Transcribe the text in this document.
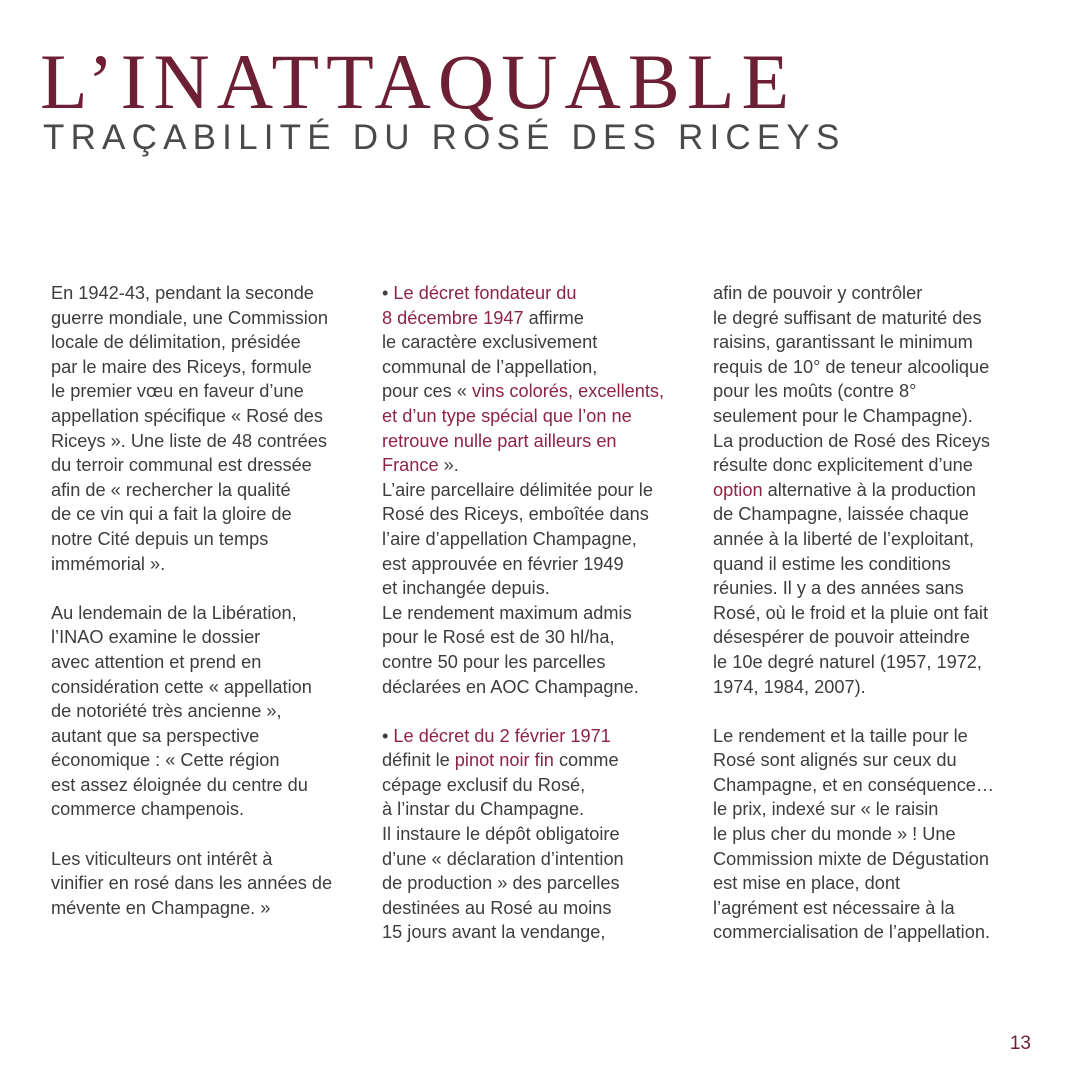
L’INATTAQUABLE
TRAÇABILITÉ DU ROSÉ DES RICEYS

En 1942-43, pendant la seconde
guerre mondiale, une Commission
locale de délimitation, présidée
par le maire des Riceys, formule
le premier vœu en faveur d’une
appellation spécifique « Rosé des
Riceys ». Une liste de 48 contrées
du terroir communal est dressée
afin de « rechercher la qualité
de ce vin qui a fait la gloire de
notre Cité depuis un temps
immémorial ».

Au lendemain de la Libération,
l’INAO examine le dossier
avec attention et prend en
considération cette « appellation
de notoriété très ancienne »,
autant que sa perspective
économique : « Cette région
est assez éloignée du centre du
commerce champenois.

Les viticulteurs ont intérêt à
vinifier en rosé dans les années de
mévente en Champagne. »

• Le décret fondateur du
8 décembre 1947 affirme
le caractère exclusivement
communal de l’appellation,
pour ces « vins colorés, excellents,
et d’un type spécial que l’on ne
retrouve nulle part ailleurs en
France ».
L’aire parcellaire délimitée pour le
Rosé des Riceys, emboîtée dans
l’aire d’appellation Champagne,
est approuvée en février 1949
et inchangée depuis.
Le rendement maximum admis
pour le Rosé est de 30 hl/ha,
contre 50 pour les parcelles
déclarées en AOC Champagne.

• Le décret du 2 février 1971
définit le pinot noir fin comme
cépage exclusif du Rosé,
à l’instar du Champagne.
Il instaure le dépôt obligatoire
d’une « déclaration d’intention
de production » des parcelles
destinées au Rosé au moins
15 jours avant la vendange,

afin de pouvoir y contrôler
le degré suffisant de maturité des
raisins, garantissant le minimum
requis de 10° de teneur alcoolique
pour les moûts (contre 8°
seulement pour le Champagne).
La production de Rosé des Riceys
résulte donc explicitement d’une
option alternative à la production
de Champagne, laissée chaque
année à la liberté de l’exploitant,
quand il estime les conditions
réunies. Il y a des années sans
Rosé, où le froid et la pluie ont fait
désespérer de pouvoir atteindre
le 10e degré naturel (1957, 1972,
1974, 1984, 2007).

Le rendement et la taille pour le
Rosé sont alignés sur ceux du
Champagne, et en conséquence…
le prix, indexé sur « le raisin
le plus cher du monde » ! Une
Commission mixte de Dégustation
est mise en place, dont
l’agrément est nécessaire à la
commercialisation de l’appellation.

13
